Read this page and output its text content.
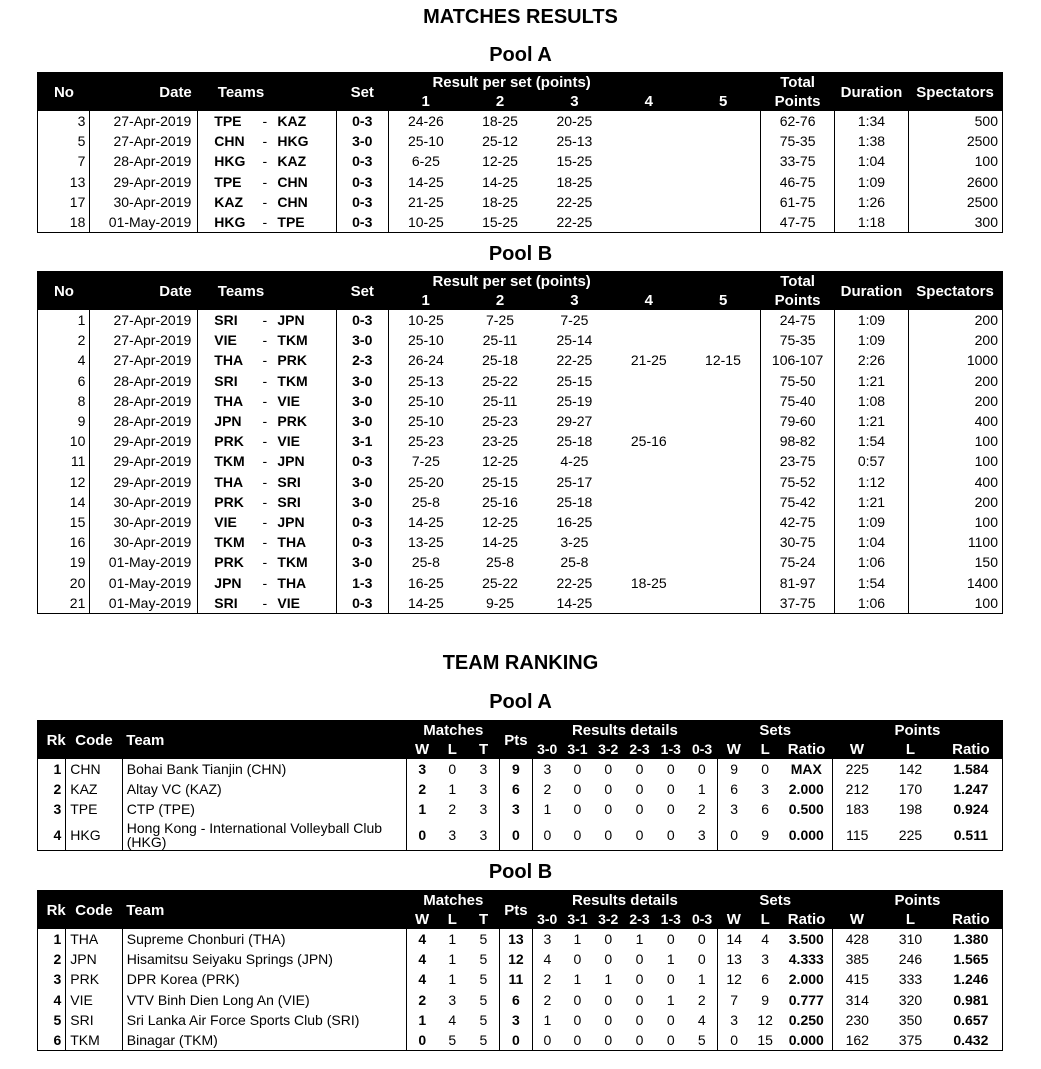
MATCHES RESULTS
Pool A
No	Date	Teams			Set	Result per set (points)					Total	Duration	Spectators
						1	2	3	4	5	Points		
3	27-Apr-2019	TPE	-	KAZ	0-3	24-26	18-25	20-25			62-76	1:34	500
5	27-Apr-2019	CHN	-	HKG	3-0	25-10	25-12	25-13			75-35	1:38	2500
7	28-Apr-2019	HKG	-	KAZ	0-3	6-25	12-25	15-25			33-75	1:04	100
13	29-Apr-2019	TPE	-	CHN	0-3	14-25	14-25	18-25			46-75	1:09	2600
17	30-Apr-2019	KAZ	-	CHN	0-3	21-25	18-25	22-25			61-75	1:26	2500
18	01-May-2019	HKG	-	TPE	0-3	10-25	15-25	22-25			47-75	1:18	300
Pool B
No	Date	Teams			Set	Result per set (points)					Total	Duration	Spectators
						1	2	3	4	5	Points		
1	27-Apr-2019	SRI	-	JPN	0-3	10-25	7-25	7-25			24-75	1:09	200
2	27-Apr-2019	VIE	-	TKM	3-0	25-10	25-11	25-14			75-35	1:09	200
4	27-Apr-2019	THA	-	PRK	2-3	26-24	25-18	22-25	21-25	12-15	106-107	2:26	1000
6	28-Apr-2019	SRI	-	TKM	3-0	25-13	25-22	25-15			75-50	1:21	200
8	28-Apr-2019	THA	-	VIE	3-0	25-10	25-11	25-19			75-40	1:08	200
9	28-Apr-2019	JPN	-	PRK	3-0	25-10	25-23	29-27			79-60	1:21	400
10	29-Apr-2019	PRK	-	VIE	3-1	25-23	23-25	25-18	25-16		98-82	1:54	100
11	29-Apr-2019	TKM	-	JPN	0-3	7-25	12-25	4-25			23-75	0:57	100
12	29-Apr-2019	THA	-	SRI	3-0	25-20	25-15	25-17			75-52	1:12	400
14	30-Apr-2019	PRK	-	SRI	3-0	25-8	25-16	25-18			75-42	1:21	200
15	30-Apr-2019	VIE	-	JPN	0-3	14-25	12-25	16-25			42-75	1:09	100
16	30-Apr-2019	TKM	-	THA	0-3	13-25	14-25	3-25			30-75	1:04	1100
19	01-May-2019	PRK	-	TKM	3-0	25-8	25-8	25-8			75-24	1:06	150
20	01-May-2019	JPN	-	THA	1-3	16-25	25-22	22-25	18-25		81-97	1:54	1400
21	01-May-2019	SRI	-	VIE	0-3	14-25	9-25	14-25			37-75	1:06	100
TEAM RANKING
Pool A
Rk	Code	Team	Matches			Pts	Results details						Sets			Points		
			W	L	T		3-0	3-1	3-2	2-3	1-3	0-3	W	L	Ratio	W	L	Ratio
1	CHN	Bohai Bank Tianjin (CHN)	3	0	3	9	3	0	0	0	0	0	9	0	MAX	225	142	1.584
2	KAZ	Altay VC (KAZ)	2	1	3	6	2	0	0	0	0	1	6	3	2.000	212	170	1.247
3	TPE	CTP (TPE)	1	2	3	3	1	0	0	0	0	2	3	6	0.500	183	198	0.924
4	HKG	Hong Kong - International Volleyball Club (HKG)	0	3	3	0	0	0	0	0	0	3	0	9	0.000	115	225	0.511
Pool B
Rk	Code	Team	Matches			Pts	Results details						Sets			Points		
			W	L	T		3-0	3-1	3-2	2-3	1-3	0-3	W	L	Ratio	W	L	Ratio
1	THA	Supreme Chonburi (THA)	4	1	5	13	3	1	0	1	0	0	14	4	3.500	428	310	1.380
2	JPN	Hisamitsu Seiyaku Springs (JPN)	4	1	5	12	4	0	0	0	1	0	13	3	4.333	385	246	1.565
3	PRK	DPR Korea (PRK)	4	1	5	11	2	1	1	0	0	1	12	6	2.000	415	333	1.246
4	VIE	VTV Binh Dien Long An (VIE)	2	3	5	6	2	0	0	0	1	2	7	9	0.777	314	320	0.981
5	SRI	Sri Lanka Air Force Sports Club (SRI)	1	4	5	3	1	0	0	0	0	4	3	12	0.250	230	350	0.657
6	TKM	Binagar (TKM)	0	5	5	0	0	0	0	0	0	5	0	15	0.000	162	375	0.432
